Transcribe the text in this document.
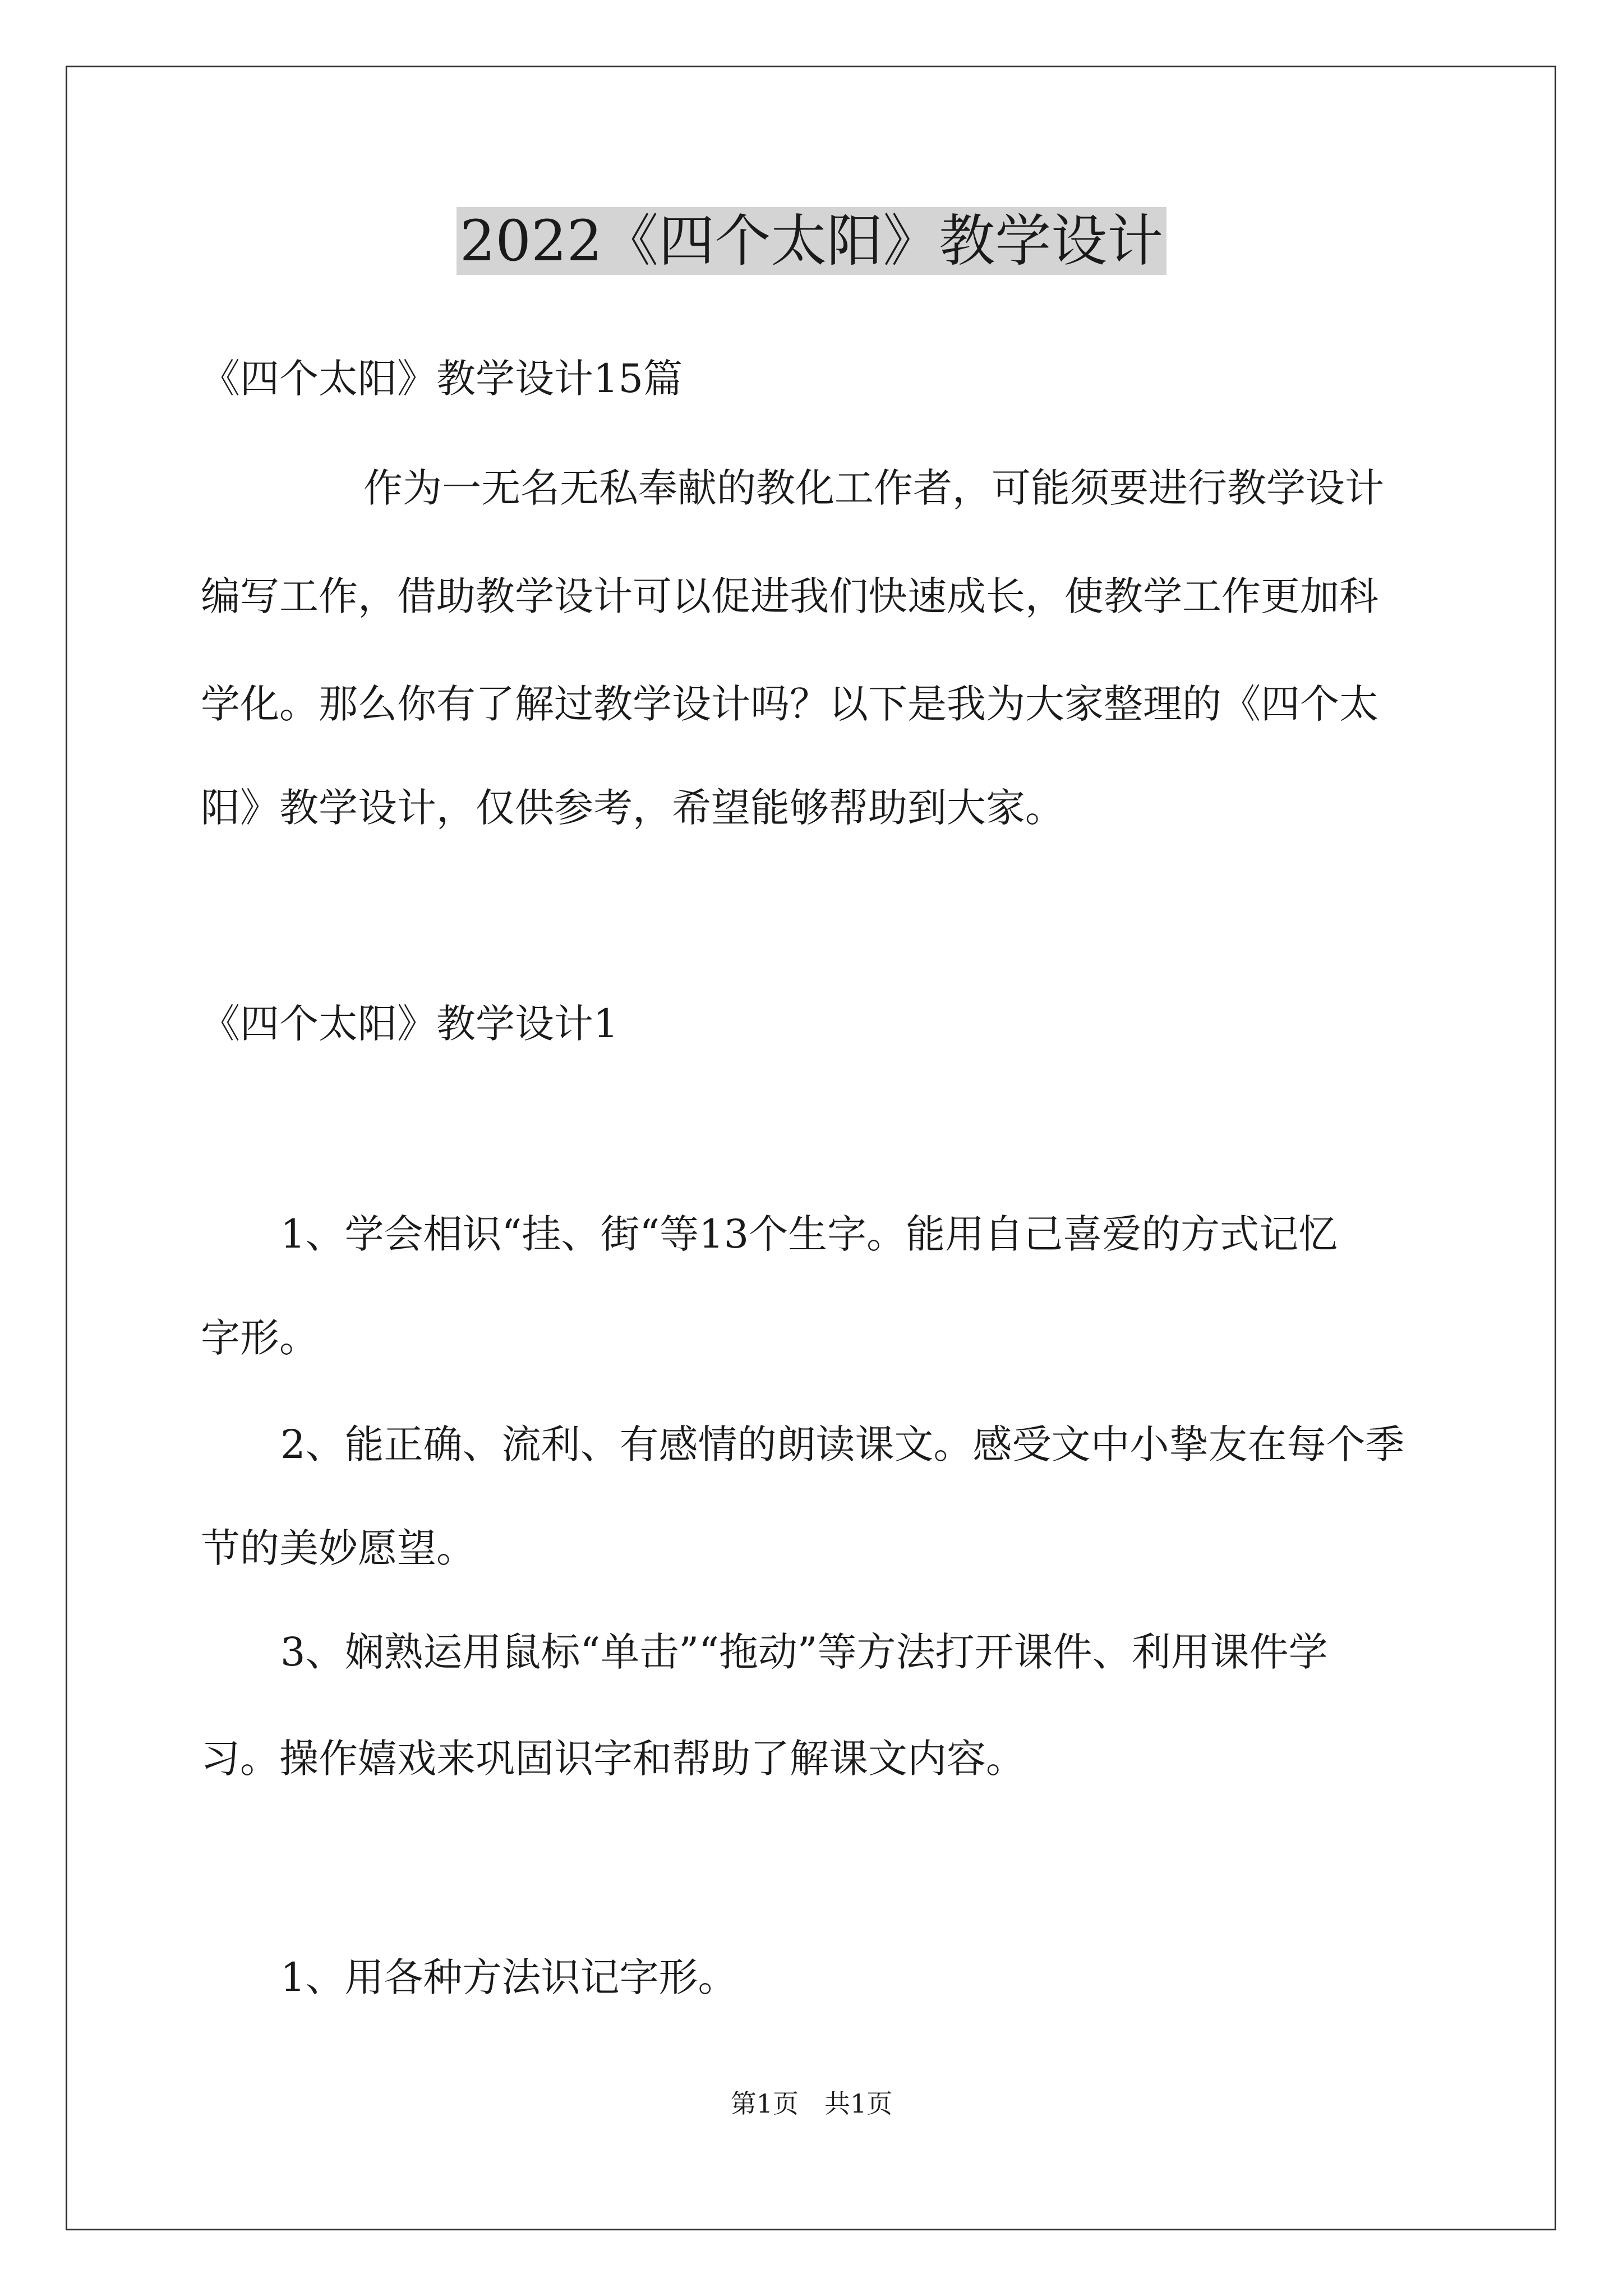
2022《四个太阳》教学设计
《四个太阳》教学设计15篇
作为一无名无私奉献的教化工作者，可能须要进行教学设计
编写工作，借助教学设计可以促进我们快速成长，使教学工作更加科
学化。那么你有了解过教学设计吗？以下是我为大家整理的《四个太
阳》教学设计，仅供参考，希望能够帮助到大家。
《四个太阳》教学设计1
1、学会相识“挂、街“等13个生字。能用自己喜爱的方式记忆
字形。
2、能正确、流利、有感情的朗读课文。感受文中小挚友在每个季
节的美妙愿望。
3、娴熟运用鼠标“单击”“拖动”等方法打开课件、利用课件学
习。操作嬉戏来巩固识字和帮助了解课文内容。
1、用各种方法识记字形。
第1页　共1页
